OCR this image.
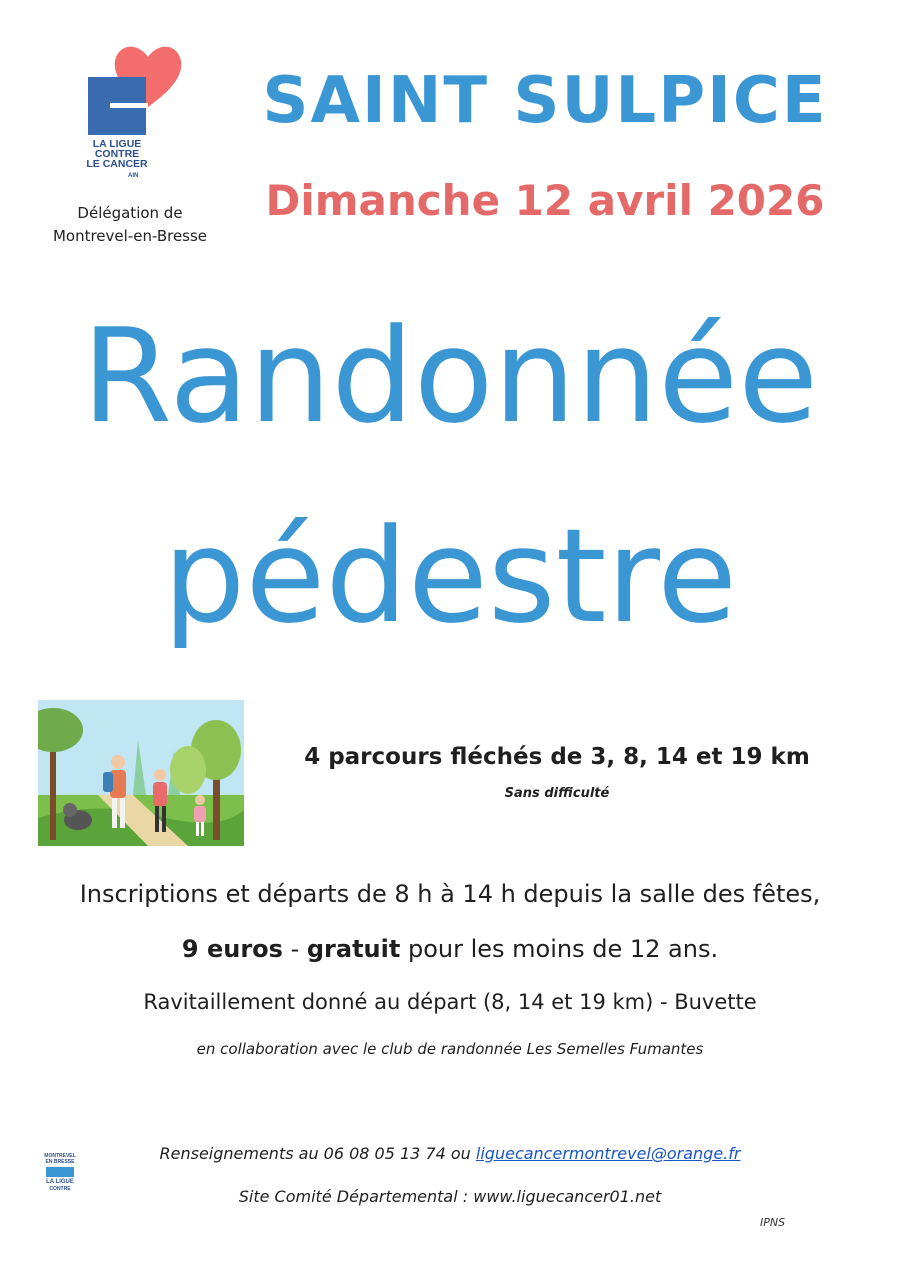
LA LIGUE
CONTRE
LE CANCER
AIN
Délégation de
Montrevel-en-Bresse
SAINT SULPICE
Dimanche 12 avril 2026
Randonnée
pédestre
4 parcours fléchés de 3, 8, 14 et 19 km
Sans difficulté
Inscriptions et départs de 8 h à 14 h depuis la salle des fêtes,
9 euros - gratuit pour les moins de 12 ans.
Ravitaillement donné au départ (8, 14 et 19 km) - Buvette
en collaboration avec le club de randonnée Les Semelles Fumantes
MONTREVEL
EN BRESSE
LA LIGUE
CONTRE
Renseignements au 06 08 05 13 74 ou liguecancermontrevel@orange.fr
Site Comité Départemental : www.liguecancer01.net
IPNS
